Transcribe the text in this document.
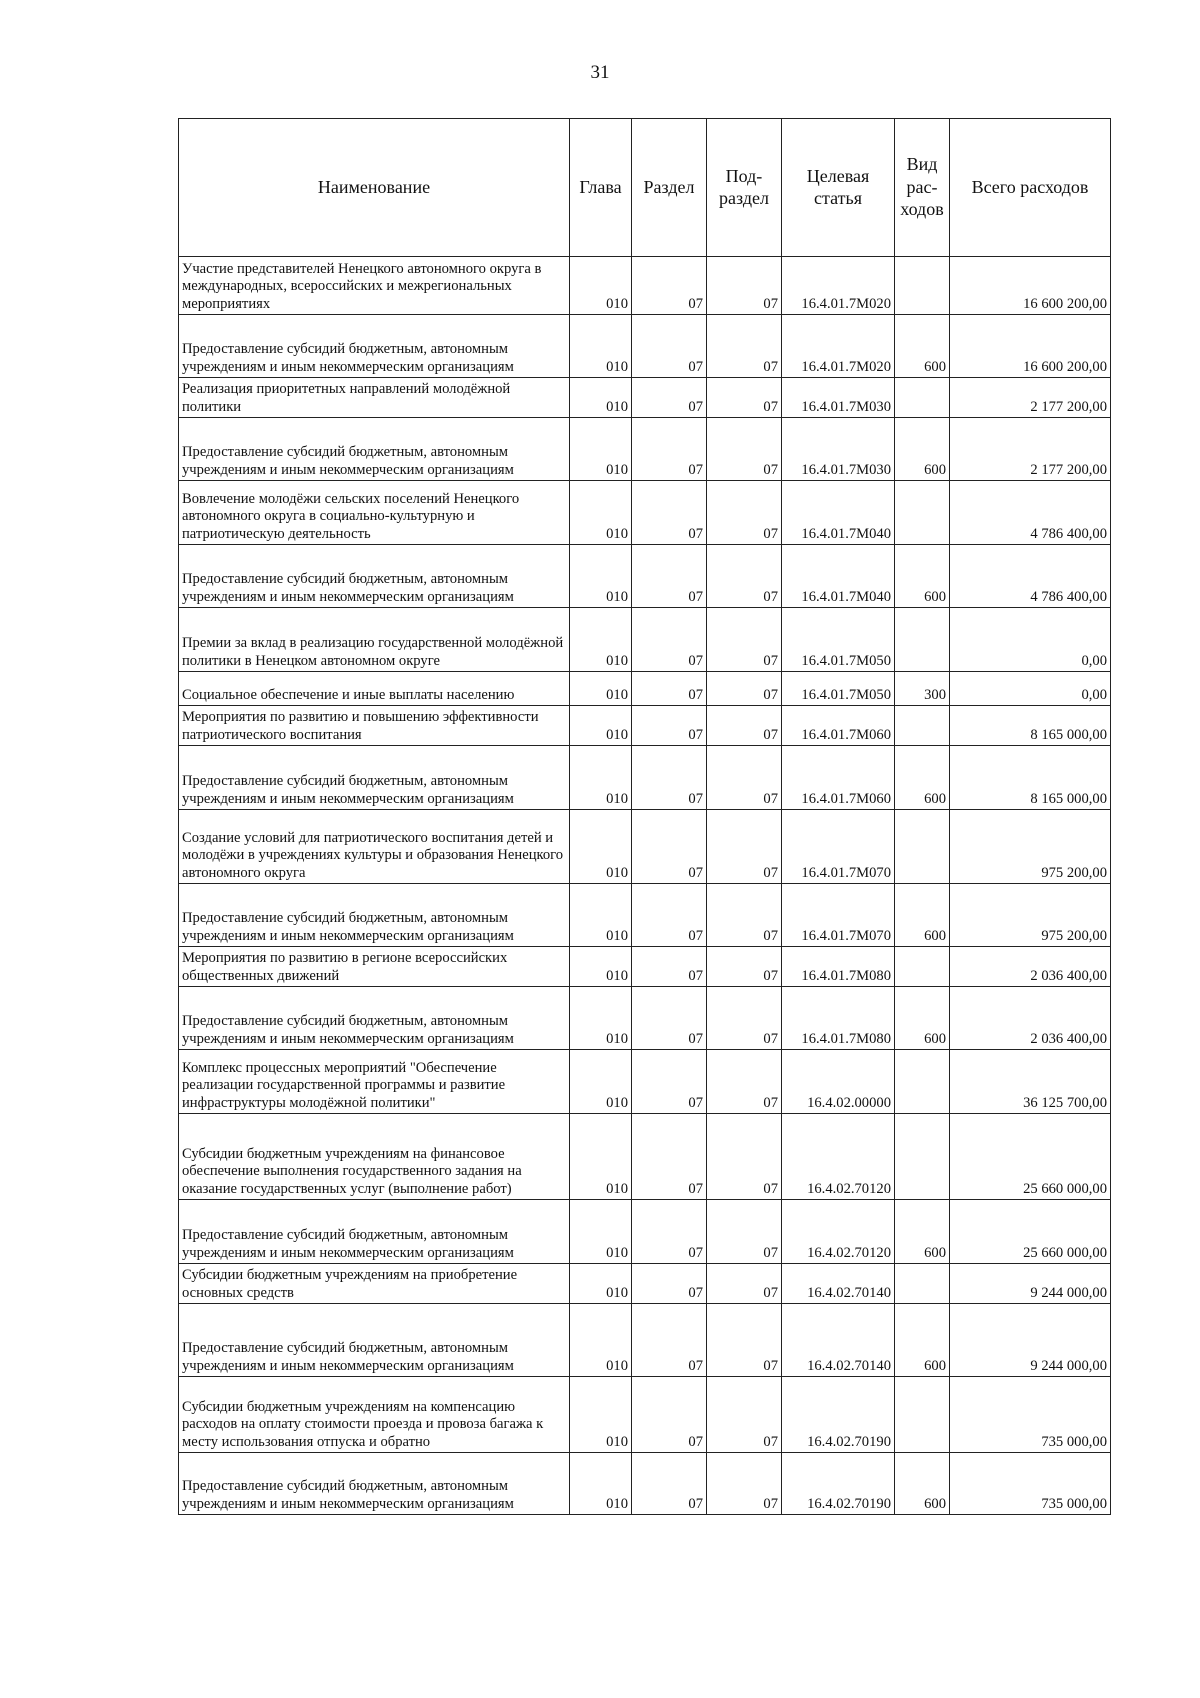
31
Наименование	Глава	Раздел	Под-раздел	Целевая статья	Вид рас-ходов	Всего расходов
Участие представителей Ненецкого автономного округа в международных, всероссийских и межрегиональных мероприятиях	010	07	07	16.4.01.7М020		16 600 200,00
Предоставление субсидий бюджетным, автономным учреждениям и иным некоммерческим организациям	010	07	07	16.4.01.7М020	600	16 600 200,00
Реализация приоритетных направлений молодёжной политики	010	07	07	16.4.01.7М030		2 177 200,00
Предоставление субсидий бюджетным, автономным учреждениям и иным некоммерческим организациям	010	07	07	16.4.01.7М030	600	2 177 200,00
Вовлечение молодёжи сельских поселений Ненецкого автономного округа в социально-культурную и патриотическую деятельность	010	07	07	16.4.01.7М040		4 786 400,00
Предоставление субсидий бюджетным, автономным учреждениям и иным некоммерческим организациям	010	07	07	16.4.01.7М040	600	4 786 400,00
Премии за вклад в реализацию государственной молодёжной политики в Ненецком автономном округе	010	07	07	16.4.01.7М050		0,00
Социальное обеспечение и иные выплаты населению	010	07	07	16.4.01.7М050	300	0,00
Мероприятия по развитию и повышению эффективности патриотического воспитания	010	07	07	16.4.01.7М060		8 165 000,00
Предоставление субсидий бюджетным, автономным учреждениям и иным некоммерческим организациям	010	07	07	16.4.01.7М060	600	8 165 000,00
Создание условий для патриотического воспитания детей и молодёжи в учреждениях культуры и образования Ненецкого автономного округа	010	07	07	16.4.01.7М070		975 200,00
Предоставление субсидий бюджетным, автономным учреждениям и иным некоммерческим организациям	010	07	07	16.4.01.7М070	600	975 200,00
Мероприятия по развитию в регионе всероссийских общественных движений	010	07	07	16.4.01.7М080		2 036 400,00
Предоставление субсидий бюджетным, автономным учреждениям и иным некоммерческим организациям	010	07	07	16.4.01.7М080	600	2 036 400,00
Комплекс процессных мероприятий "Обеспечение реализации государственной программы и развитие инфраструктуры молодёжной политики"	010	07	07	16.4.02.00000		36 125 700,00
Субсидии бюджетным учреждениям на финансовое обеспечение выполнения государственного задания на оказание государственных услуг (выполнение работ)	010	07	07	16.4.02.70120		25 660 000,00
Предоставление субсидий бюджетным, автономным учреждениям и иным некоммерческим организациям	010	07	07	16.4.02.70120	600	25 660 000,00
Субсидии бюджетным учреждениям на приобретение основных средств	010	07	07	16.4.02.70140		9 244 000,00
Предоставление субсидий бюджетным, автономным учреждениям и иным некоммерческим организациям	010	07	07	16.4.02.70140	600	9 244 000,00
Субсидии бюджетным учреждениям на компенсацию расходов на оплату стоимости проезда и провоза багажа к месту использования отпуска и обратно	010	07	07	16.4.02.70190		735 000,00
Предоставление субсидий бюджетным, автономным учреждениям и иным некоммерческим организациям	010	07	07	16.4.02.70190	600	735 000,00
